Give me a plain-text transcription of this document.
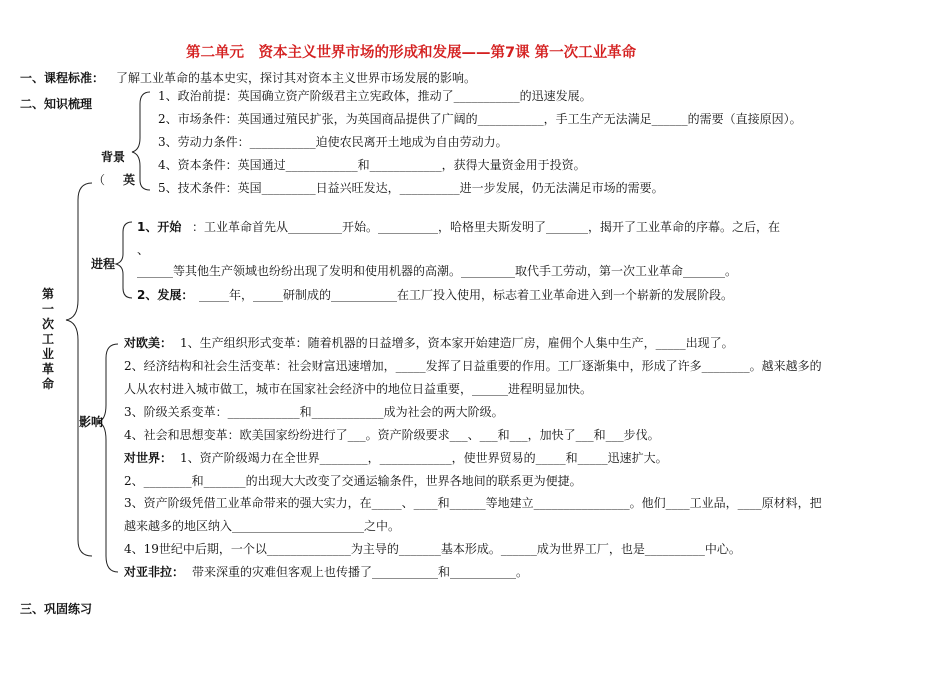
第二单元　资本主义世界市场的形成和发展——第7课 第一次工业革命
一、课程标准： 了解工业革命的基本史实，探讨其对资本主义世界市场发展的影响。
二、知识梳理
第一次工业革命
背景
（ 英
进程
影响
1、政治前提：英国确立资产阶级君主立宪政体，推动了___________的迅速发展。
2、市场条件：英国通过殖民扩张，为英国商品提供了广阔的___________，手工生产无法满足______的需要（直接原因）。
3、劳动力条件：___________迫使农民离开土地成为自由劳动力。
4、资本条件：英国通过____________和____________，获得大量资金用于投资。
5、技术条件：英国_________日益兴旺发达，__________进一步发展，仍无法满足市场的需要。
1、开始 ：工业革命首先从_________开始。__________，哈格里夫斯发明了_______，揭开了工业革命的序幕。之后，在
、
______等其他生产领域也纷纷出现了发明和使用机器的高潮。_________取代手工劳动，第一次工业革命_______。
2、发展： _____年，_____研制成的___________在工厂投入使用，标志着工业革命进入到一个崭新的发展阶段。
对欧美： 1、生产组织形式变革：随着机器的日益增多，资本家开始建造厂房，雇佣个人集中生产，_____出现了。
2、经济结构和社会生活变革：社会财富迅速增加，_____发挥了日益重要的作用。工厂逐渐集中，形成了许多________。越来越多的
人从农村进入城市做工，城市在国家社会经济中的地位日益重要，______进程明显加快。
3、阶级关系变革：____________和____________成为社会的两大阶级。
4、社会和思想变革：欧美国家纷纷进行了___。资产阶级要求___、___和___，加快了___和___步伐。
对世界： 1、资产阶级竭力在全世界________，____________，使世界贸易的_____和_____迅速扩大。
2、________和_______的出现大大改变了交通运输条件，世界各地间的联系更为便捷。
3、资产阶级凭借工业革命带来的强大实力，在_____、____和______等地建立________________。他们____工业品，____原材料，把
越来越多的地区纳入______________________之中。
4、19世纪中后期，一个以______________为主导的_______基本形成。______成为世界工厂，也是__________中心。
对亚非拉： 带来深重的灾难但客观上也传播了___________和___________。
三、巩固练习
